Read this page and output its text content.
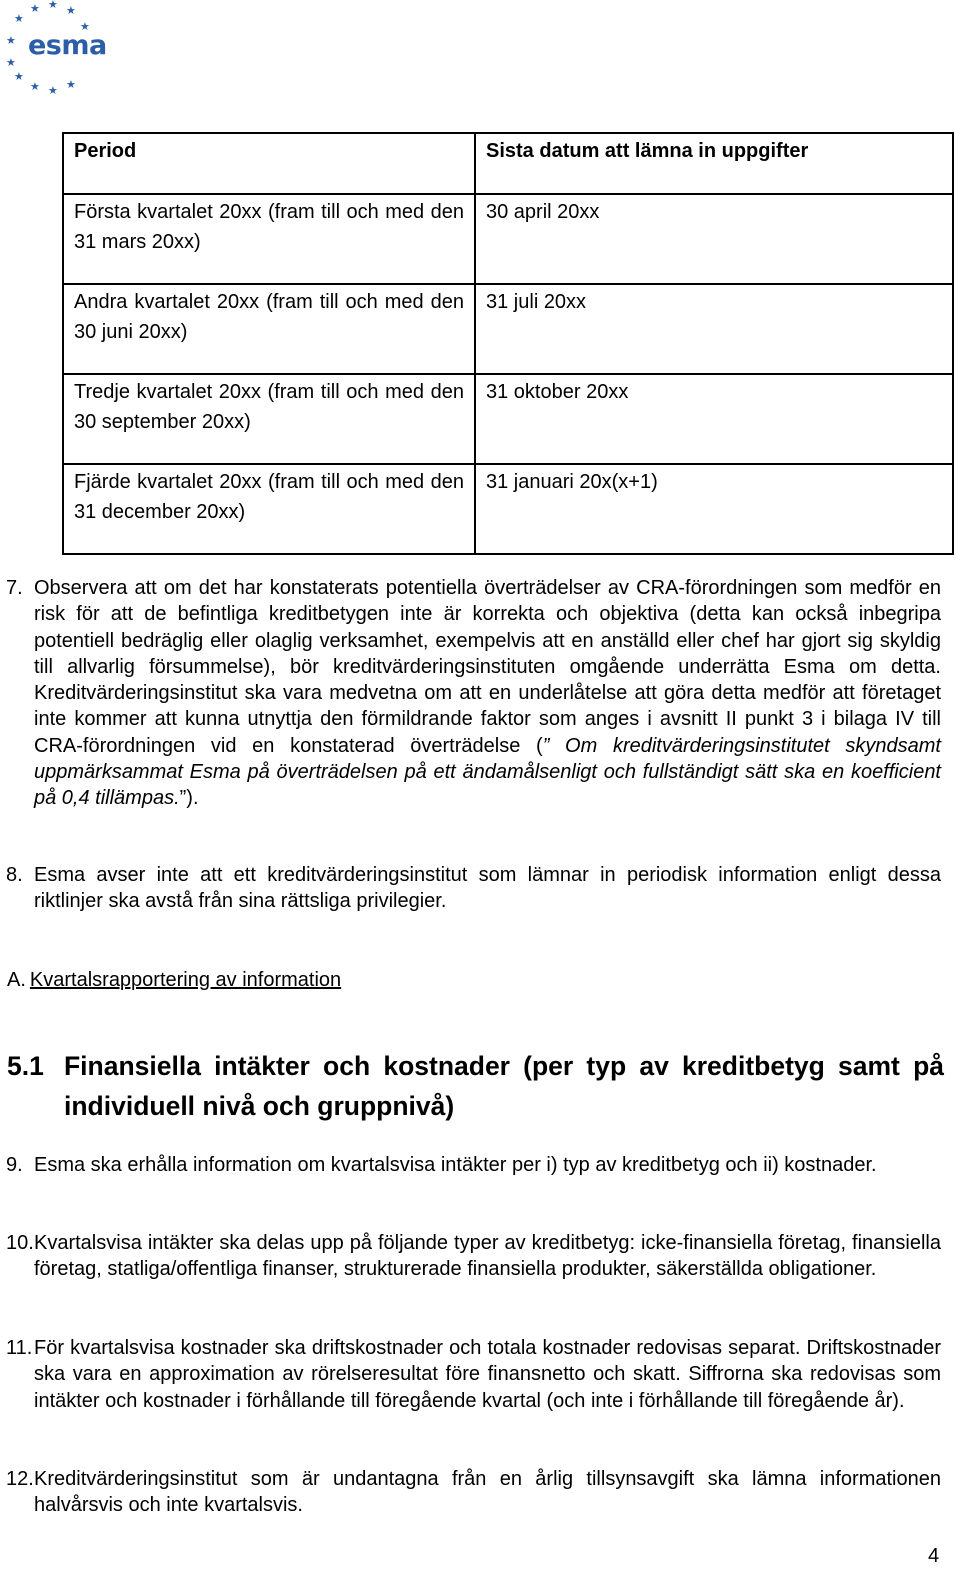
★ ★ ★
★
★
★
★
★
★ ★ ★
esma
Period	Sista datum att lämna in uppgifter

Första kvartalet 20xx (fram till och med den 31 mars 20xx)	30 april 20xx

Andra kvartalet 20xx (fram till och med den 30 juni 20xx)	31 juli 20xx

Tredje kvartalet 20xx (fram till och med den 30 september 20xx)	31 oktober 20xx

Fjärde kvartalet 20xx (fram till och med den 31 december 20xx)	31 januari 20x(x+1)
7. Observera att om det har konstaterats potentiella överträdelser av CRA-förordningen som medför en risk för att de befintliga kreditbetygen inte är korrekta och objektiva (detta kan också inbegripa potentiell bedräglig eller olaglig verksamhet, exempelvis att en anställd eller chef har gjort sig skyldig till allvarlig försummelse), bör kreditvärderingsinstituten omgående underrätta Esma om detta. Kreditvärderingsinstitut ska vara medvetna om att en underlåtelse att göra detta medför att företaget inte kommer att kunna utnyttja den förmildrande faktor som anges i avsnitt II punkt 3 i bilaga IV till CRA-förordningen vid en konstaterad överträdelse (” Om kreditvärderingsinstitutet skyndsamt uppmärksammat Esma på överträdelsen på ett ändamålsenligt och fullständigt sätt ska en koefficient på 0,4 tillämpas.”).
8. Esma avser inte att ett kreditvärderingsinstitut som lämnar in periodisk information enligt dessa riktlinjer ska avstå från sina rättsliga privilegier.
A. Kvartalsrapportering av information
5.1 Finansiella intäkter och kostnader (per typ av kreditbetyg samt på individuell nivå och gruppnivå)
9. Esma ska erhålla information om kvartalsvisa intäkter per i) typ av kreditbetyg och ii) kostnader.
10. Kvartalsvisa intäkter ska delas upp på följande typer av kreditbetyg: icke-finansiella företag, finansiella företag, statliga/offentliga finanser, strukturerade finansiella produkter, säkerställda obligationer.
11. För kvartalsvisa kostnader ska driftskostnader och totala kostnader redovisas separat. Driftskostnader ska vara en approximation av rörelseresultat före finansnetto och skatt. Siffrorna ska redovisas som intäkter och kostnader i förhållande till föregående kvartal (och inte i förhållande till föregående år).
12. Kreditvärderingsinstitut som är undantagna från en årlig tillsynsavgift ska lämna informationen halvårsvis och inte kvartalsvis.
4
